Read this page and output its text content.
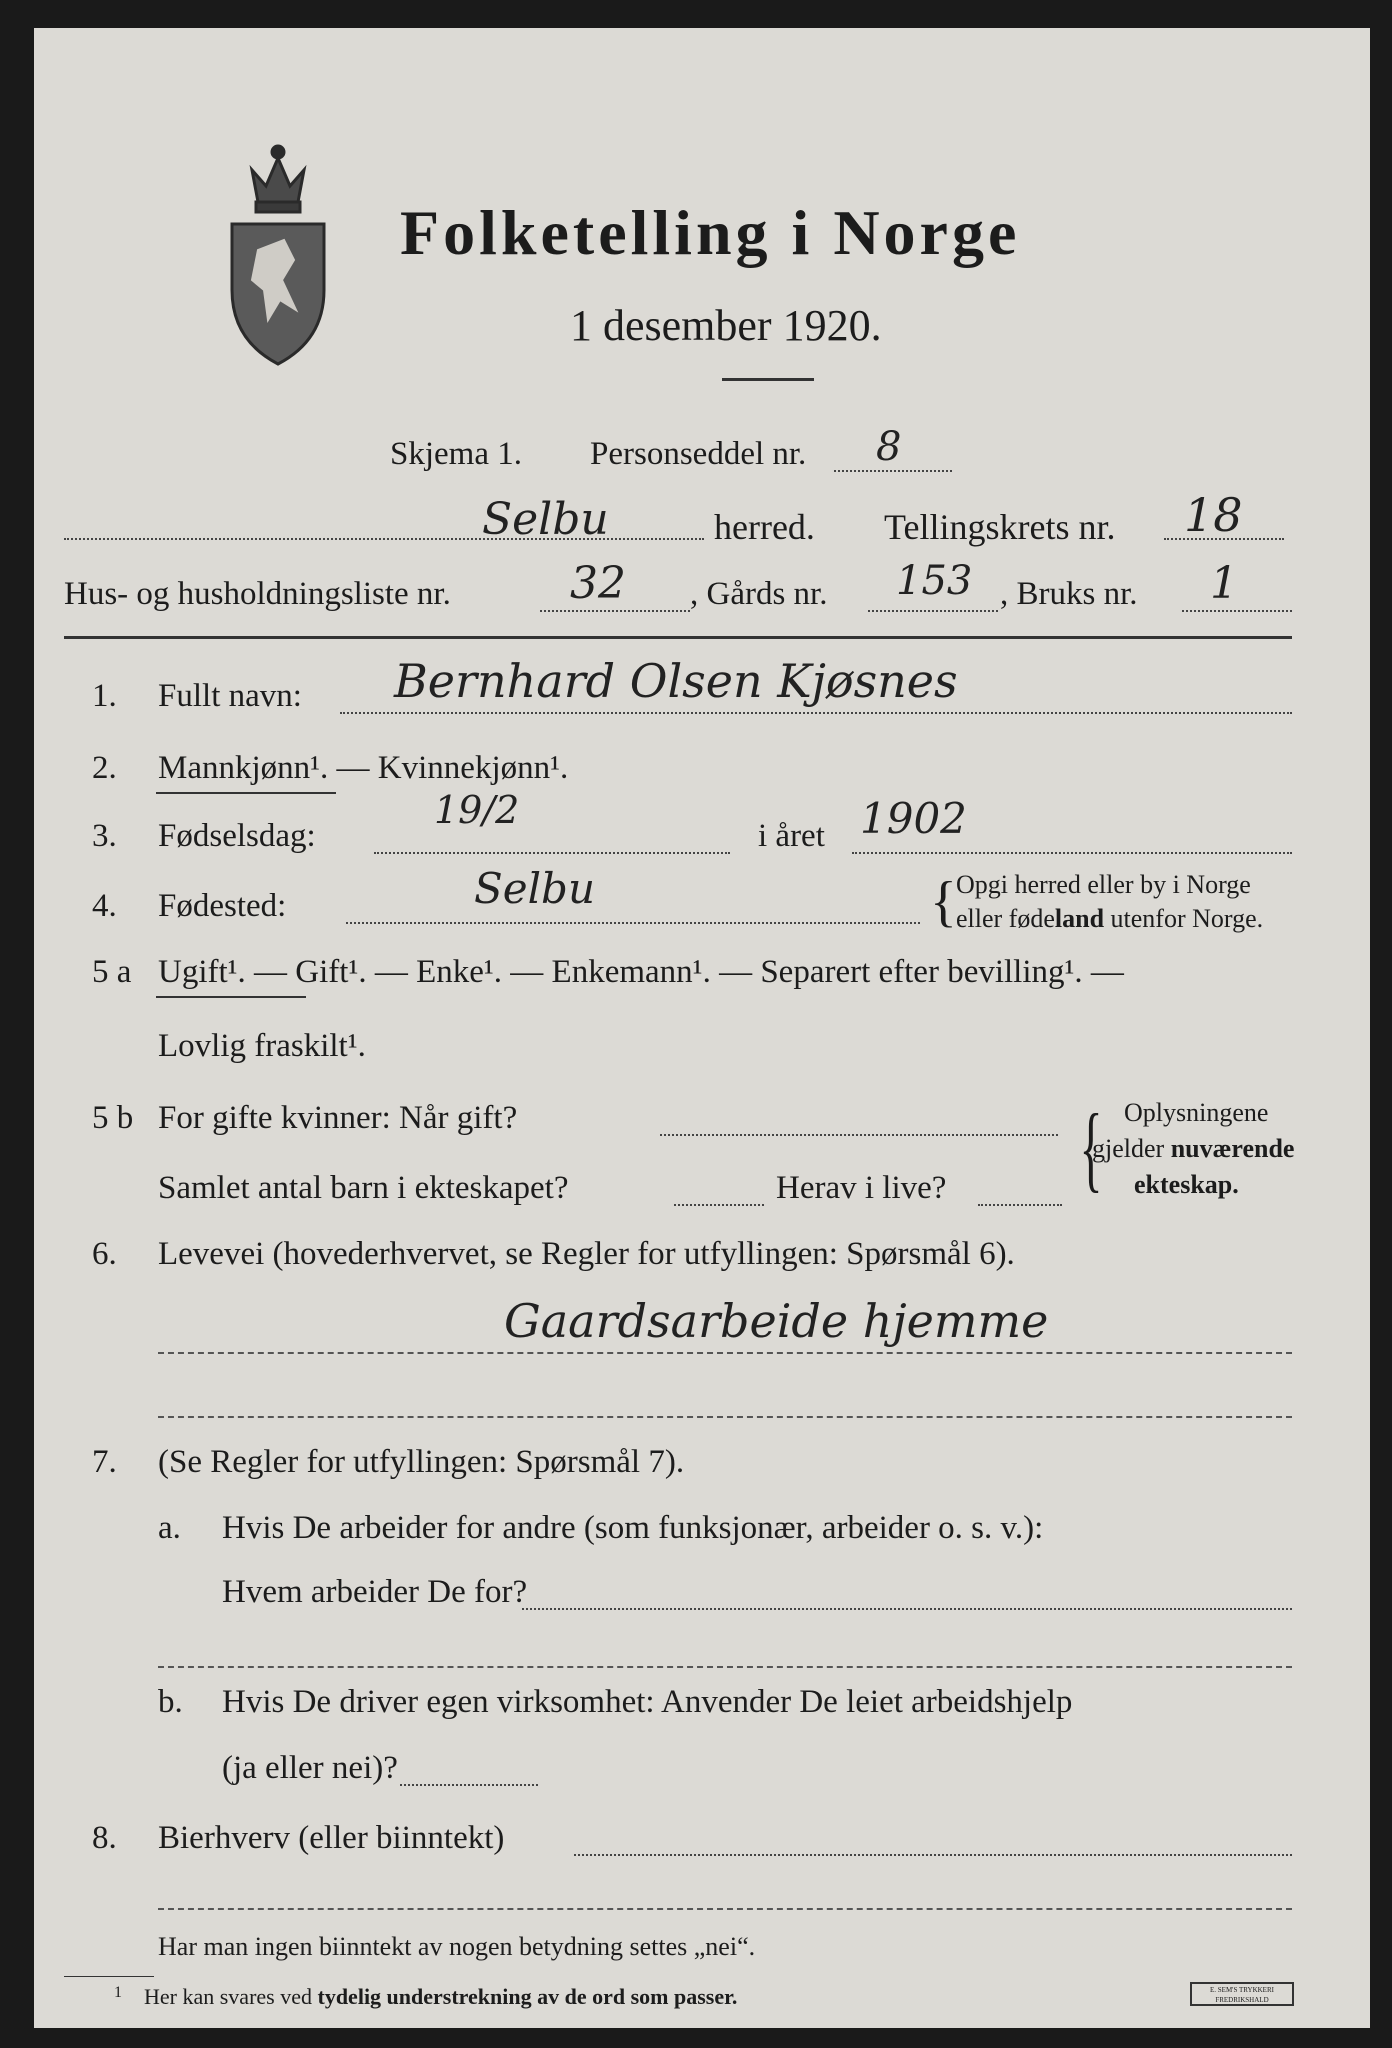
Folketelling i Norge
1 desember 1920.
Skjema 1. Personseddel nr. 8
Selbu	herred. Tellingskrets nr. 18
Hus- og husholdningsliste nr.	32 , Gårds nr. 153 , Bruks nr. 1
1. Fullt navn: Bernhard Olsen Kjøsnes
2. Mannkjønn¹. — Kvinnekjønn¹.
3. Fødselsdag:
19/2
i året 1902
4. Fødested:	Selbu	{ Opgi herred eller by i Norge
eller fødeland utenfor Norge.
5 a Ugift¹. — Gift¹. — Enke¹. — Enkemann¹. — Separert efter bevilling¹. —
Lovlig fraskilt¹.
5 b For gifte kvinner: Når gift?
Samlet antal barn i ekteskapet?	Herav i live? { Oplysningene
gjelder nuværende
ekteskap.
6. Levevei (hovederhvervet, se Regler for utfyllingen: Spørsmål 6).
Gaardsarbeide hjemme
7. (Se Regler for utfyllingen: Spørsmål 7).
a. Hvis De arbeider for andre (som funksjonær, arbeider o. s. v.):
Hvem arbeider De for?
b. Hvis De driver egen virksomhet: Anvender De leiet arbeidshjelp
(ja eller nei)?
8. Bierhverv (eller biinntekt)
Har man ingen biinntekt av nogen betydning settes „nei“.
1 Her kan svares ved tydelig understrekning av de ord som passer.	E. SEM'S TRYKKERI FREDRIKSHALD
